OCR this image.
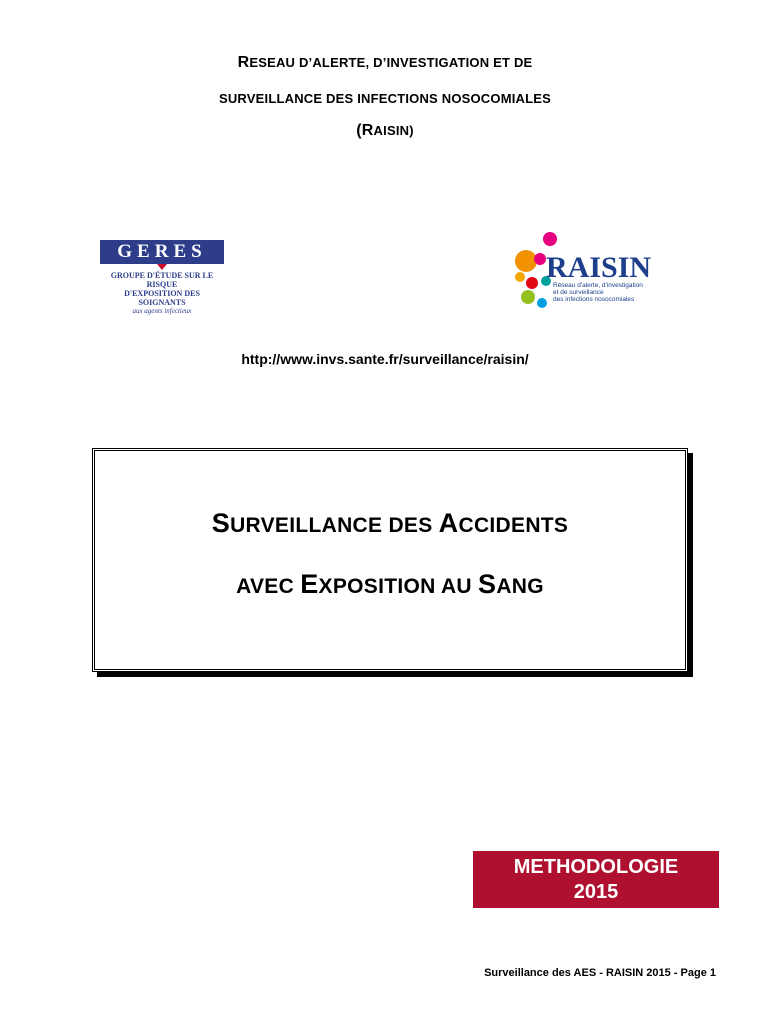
RESEAU D’ALERTE, D’INVESTIGATION ET DE
SURVEILLANCE DES INFECTIONS NOSOCOMIALES
(RAISIN)
GERES
GROUPE D'ÉTUDE SUR LE RISQUE
D'EXPOSITION DES SOIGNANTS
aux agents infectieux
RAISIN
Réseau d'alerte, d'investigation
et de surveillance
des infections nosocomiales
http://www.invs.sante.fr/surveillance/raisin/
SURVEILLANCE DES ACCIDENTS
AVEC EXPOSITION AU SANG
METHODOLOGIE
2015
Surveillance des AES - RAISIN 2015 - Page 1
